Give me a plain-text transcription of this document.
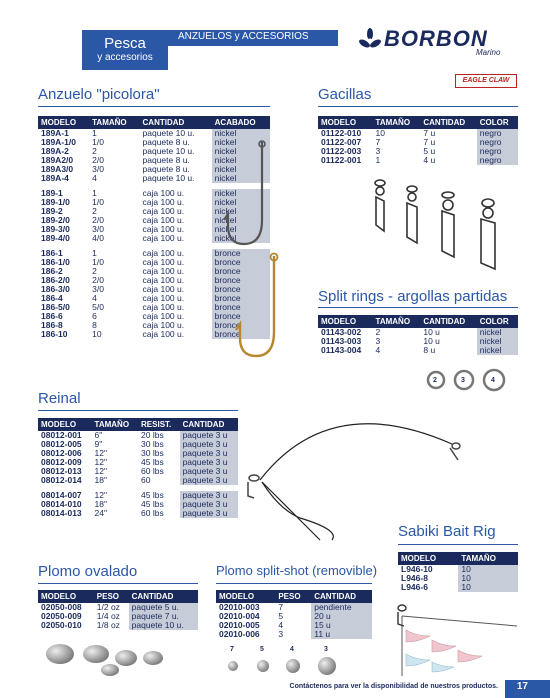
Pesca
y accesorios
ANZUELOS y ACCESORIOS	BORBON
Marino
EAGLE CLAW
Anzuelo "picolora"
MODELO	TAMAÑO	CANTIDAD	ACABADO
189A-1	1	paquete 10 u.	nickel
189A-1/0	1/0	paquete 8 u.	nickel
189A-2	2	paquete 10 u.	nickel
189A2/0	2/0	paquete 8 u.	nickel
189A3/0	3/0	paquete 8 u.	nickel
189A-4	4	paquete 10 u.	nickel

189-1	1	caja 100 u.	nickel
189-1/0	1/0	caja 100 u.	nickel
189-2	2	caja 100 u.	nickel
189-2/0	2/0	caja 100 u.	nickel
189-3/0	3/0	caja 100 u.	nickel
189-4/0	4/0	caja 100 u.	nickel

186-1	1	caja 100 u.	bronce
186-1/0	1/0	caja 100 u.	bronce
186-2	2	caja 100 u.	bronce
186-2/0	2/0	caja 100 u.	bronce
186-3/0	3/0	caja 100 u.	bronce
186-4	4	caja 100 u.	bronce
186-5/0	5/0	caja 100 u.	bronce
186-6	6	caja 100 u.	bronce
186-8	8	caja 100 u.	bronce
186-10	10	caja 100 u.	bronce
Gacillas
MODELO	TAMAÑO	CANTIDAD	COLOR
01122-010	10	7 u	negro
01122-007	7	7 u	negro
01122-003	3	5 u	negro
01122-001	1	4 u	negro
Split rings - argollas partidas
MODELO	TAMAÑO	CANTIDAD	COLOR
01143-002	2	10 u	nickel
01143-003	3	10 u	nickel
01143-004	4	8 u	nickel
2	3	4
Reinal
MODELO	TAMAÑO	RESIST.	CANTIDAD
08012-001	6"	20 lbs	paquete 3 u
08012-005	9"	30 lbs	paquete 3 u
08012-006	12"	30 lbs	paquete 3 u
08012-009	12"	45 lbs	paquete 3 u
08012-013	12"	60 lbs	paquete 3 u
08012-014	18"	60	paquete 3 u

08014-007	12"	45 lbs	paquete 3 u
08014-010	18"	45 lbs	paquete 3 u
08014-013	24"	60 lbs	paquete 3 u
Sabiki Bait Rig
MODELO	TAMAÑO
L946-10	10
L946-8	10
L946-6	10
Plomo ovalado
MODELO	PESO	CANTIDAD
02050-008	1/2 oz	paquete 5 u.
02050-009	1/4 oz	paquete 7 u.
02050-010	1/8 oz	paquete 10 u.
Plomo split-shot (removible)
MODELO	PESO	CANTIDAD
02010-003	7	pendiente
02010-004	5	20 u
02010-005	4	15 u
02010-006	3	11 u
7	5	4	3
Contáctenos para ver la disponibilidad de nuestros productos. 17
